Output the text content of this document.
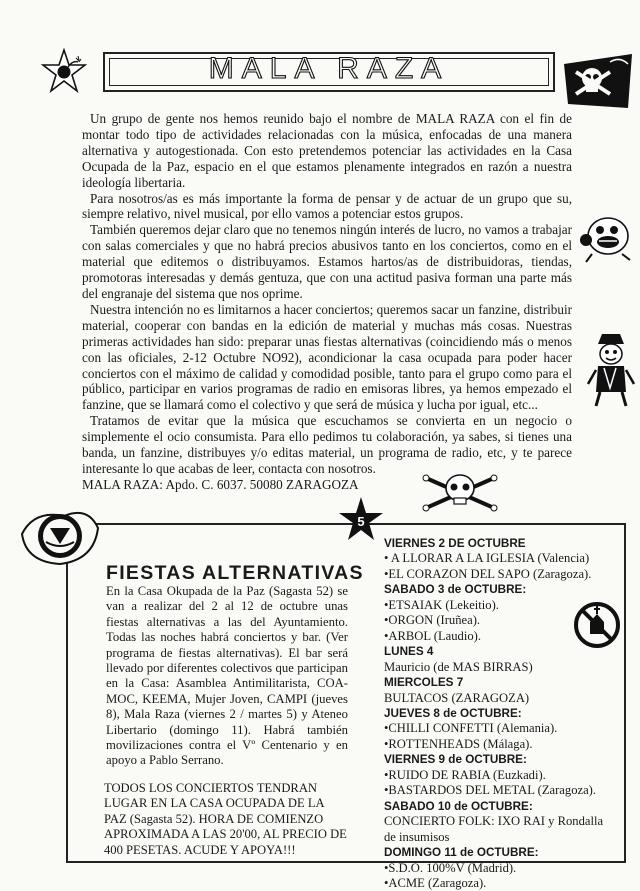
MALA RAZA

Un grupo de gente nos hemos reunido bajo el nombre de MALA RAZA con el fin de montar todo tipo de actividades relacionadas con la música, enfocadas de una manera alternativa y autogestionada. Con esto pretendemos potenciar las actividades en la Casa Ocupada de la Paz, espacio en el que estamos plenamente integrados en razón a nuestra ideología libertaria.

Para nosotros/as es más importante la forma de pensar y de actuar de un grupo que su, siempre relativo, nivel musical, por ello vamos a potenciar estos grupos.

También queremos dejar claro que no tenemos ningún interés de lucro, no vamos a trabajar con salas comerciales y que no habrá precios abusivos tanto en los conciertos, como en el material que editemos o distribuyamos. Estamos hartos/as de distribuidoras, tiendas, promotoras interesadas y demás gentuza, que con una actitud pasiva forman una parte más del engranaje del sistema que nos oprime.

Nuestra intención no es limitarnos a hacer conciertos; queremos sacar un fanzine, distribuir material, cooperar con bandas en la edición de material y muchas más cosas. Nuestras primeras actividades han sido: preparar unas fiestas alternativas (coincidiendo más o menos con las oficiales, 2-12 Octubre NO92), acondicionar la casa ocupada para poder hacer conciertos con el máximo de calidad y comodidad posible, tanto para el grupo como para el público, participar en varios programas de radio en emisoras libres, ya hemos empezado el fanzine, que se llamará como el colectivo y que será de música y lucha por igual, etc...

Tratamos de evitar que la música que escuchamos se convierta en un negocio o simplemente el ocio consumista. Para ello pedimos tu colaboración, ya sabes, si tienes una banda, un fanzine, distribuyes y/o editas material, un programa de radio, etc, y te parece interesante lo que acabas de leer, contacta con nosotros.

MALA RAZA: Apdo. C. 6037. 50080 ZARAGOZA

5
FIESTAS ALTERNATIVAS
En la Casa Okupada de la Paz (Sagasta 52) se van a realizar del 2 al 12 de octubre unas fiestas alternativas a las del Ayuntamiento. Todas las noches habrá conciertos y bar. (Ver programa de fiestas alternativas). El bar será llevado por diferentes colectivos que participan en la Casa: Asamblea Antimilitarista, COA-MOC, KEEMA, Mujer Joven, CAMPI (jueves 8), Mala Raza (viernes 2 / martes 5) y Ateneo Libertario (domingo 11). Habrá también movilizaciones contra el Vº Centenario y en apoyo a Pablo Serrano.
TODOS LOS CONCIERTOS TENDRAN LUGAR EN LA CASA OCUPADA DE LA PAZ (Sagasta 52). HORA DE COMIENZO APROXIMADA A LAS 20'00, AL PRECIO DE 400 PESETAS. ACUDE Y APOYA!!!
VIERNES 2 DE OCTUBRE
• A LLORAR A LA IGLESIA (Valencia)
•EL CORAZON DEL SAPO (Zaragoza).
SABADO 3 de OCTUBRE:
•ETSAIAK (Lekeitio).
•ORGON (Iruñea).
•ARBOL (Laudio).
LUNES 4
Mauricio (de MAS BIRRAS)
MIERCOLES 7
BULTACOS (ZARAGOZA)
JUEVES 8 de OCTUBRE:
•CHILLI CONFETTI (Alemania).
•ROTTENHEADS (Málaga).
VIERNES 9 de OCTUBRE:
•RUIDO DE RABIA (Euzkadi).
•BASTARDOS DEL METAL (Zaragoza).
SABADO 10 de OCTUBRE:
CONCIERTO FOLK: IXO RAI y Rondalla
de insumisos
DOMINGO 11 de OCTUBRE:
•S.D.O. 100%V (Madrid).
•ACME (Zaragoza).
